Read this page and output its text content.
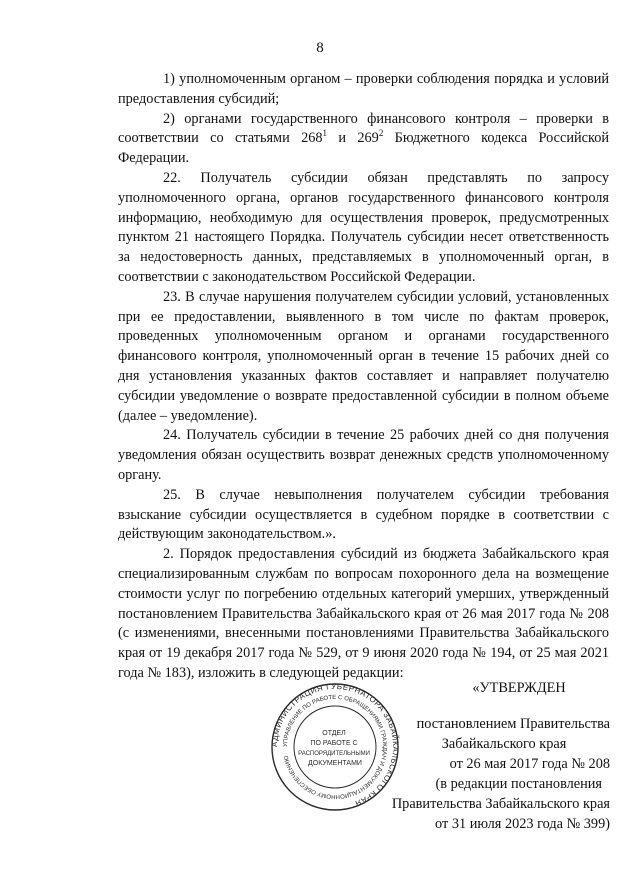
8

1) уполномоченным органом – проверки соблюдения порядка и условий предоставления субсидий;

2) органами государственного финансового контроля – проверки в соответствии со статьями $268^1$ и $269^2$ Бюджетного кодекса Российской Федерации.

22. Получатель субсидии обязан представлять по запросу уполномоченного органа, органов государственного финансового контроля информацию, необходимую для осуществления проверок, предусмотренных пунктом 21 настоящего Порядка. Получатель субсидии несет ответственность за недостоверность данных, представляемых в уполномоченный орган, в соответствии с законодательством Российской Федерации.

23. В случае нарушения получателем субсидии условий, установленных при ее предоставлении, выявленного в том числе по фактам проверок, проведенных уполномоченным органом и органами государственного финансового контроля, уполномоченный орган в течение 15 рабочих дней со дня установления указанных фактов составляет и направляет получателю субсидии уведомление о возврате предоставленной субсидии в полном объеме (далее – уведомление).

24. Получатель субсидии в течение 25 рабочих дней со дня получения уведомления обязан осуществить возврат денежных средств уполномоченному органу.

25. В случае невыполнения получателем субсидии требования взыскание субсидии осуществляется в судебном порядке в соответствии с действующим законодательством.».

2. Порядок предоставления субсидий из бюджета Забайкальского края специализированным службам по вопросам похоронного дела на возмещение стоимости услуг по погребению отдельных категорий умерших, утвержденный постановлением Правительства Забайкальского края от 26 мая 2017 года № 208 (с изменениями, внесенными постановлениями Правительства Забайкальского края от 19 декабря 2017 года № 529, от 9 июня 2020 года № 194, от 25 мая 2021 года № 183), изложить в следующей редакции:

АДМИНИСТРАЦИЯ ГУБЕРНАТОРА ЗАБАЙКАЛЬСКОГО КРАЯ
УПРАВЛЕНИЕ ПО РАБОТЕ С ОБРАЩЕНИЯМИ ГРАЖДАН И ДОКУМЕНТАЦИОННОМУ ОБЕСПЕЧЕНИЮ
ОТДЕЛ ПО РАБОТЕ С РАСПОРЯДИТЕЛЬНЫМИ ДОКУМЕНТАМИ
«УТВЕРЖДЕН
постановлением Правительства
Забайкальского края
от 26 мая 2017 года № 208
(в редакции постановления
Правительства Забайкальского края
от 31 июля 2023 года № 399)
